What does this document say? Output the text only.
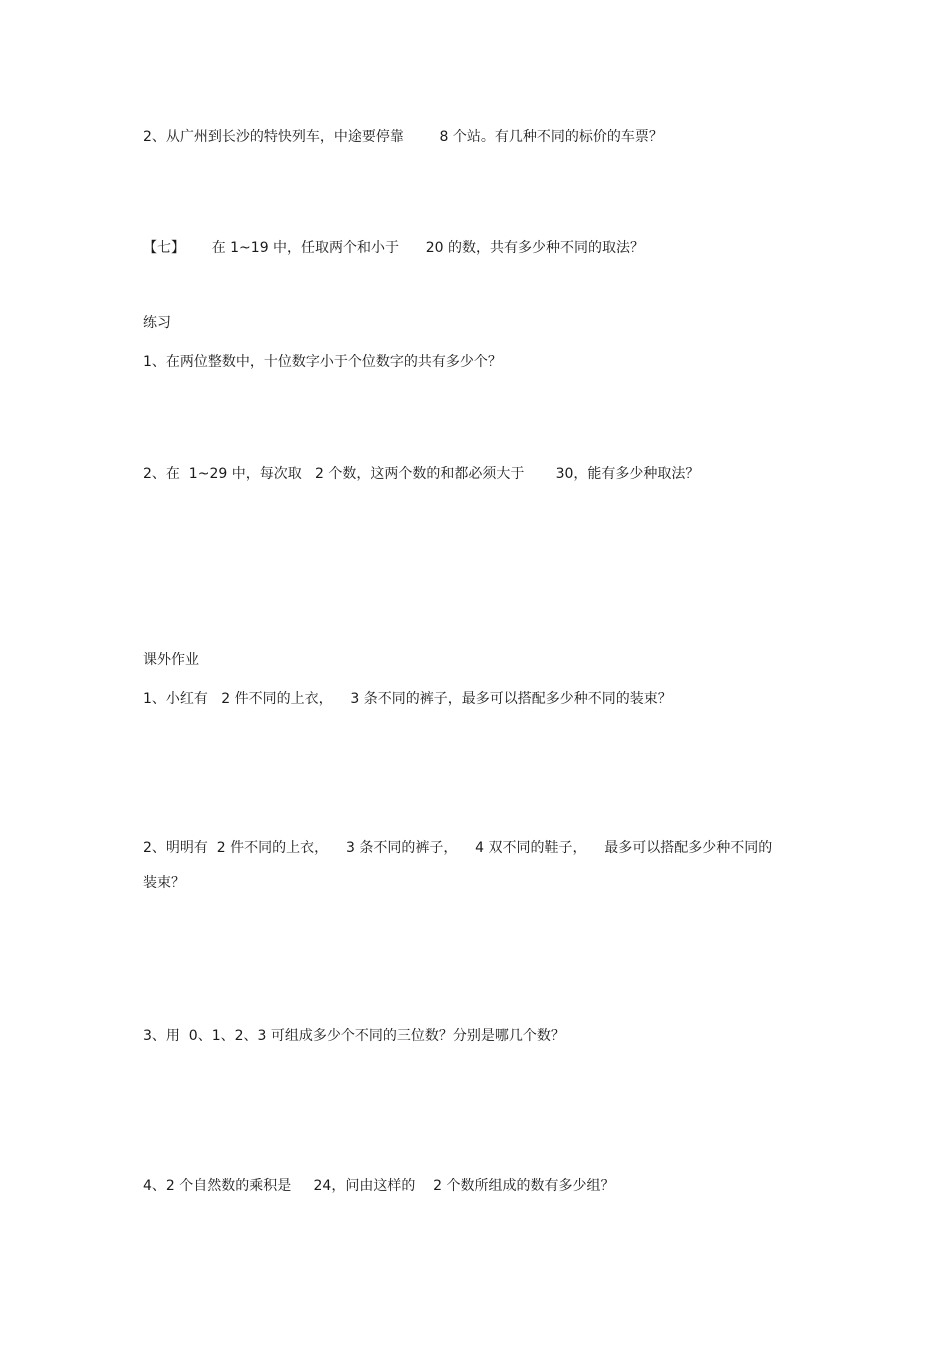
2、从广州到长沙的特快列车，中途要停靠        8 个站。有几种不同的标价的车票？

【七】      在 1~19 中，任取两个和小于      20 的数，共有多少种不同的取法？

练习

1、在两位整数中，十位数字小于个位数字的共有多少个？

2、在  1~29 中，每次取   2 个数，这两个数的和都必须大于       30，能有多少种取法？

课外作业

1、小红有   2 件不同的上衣，    3 条不同的裤子，最多可以搭配多少种不同的装束？

2、明明有  2 件不同的上衣，    3 条不同的裤子，    4 双不同的鞋子，    最多可以搭配多少种不同的

装束？

3、用  0、1、2、3 可组成多少个不同的三位数？分别是哪几个数？

4、2 个自然数的乘积是     24，问由这样的    2 个数所组成的数有多少组？
